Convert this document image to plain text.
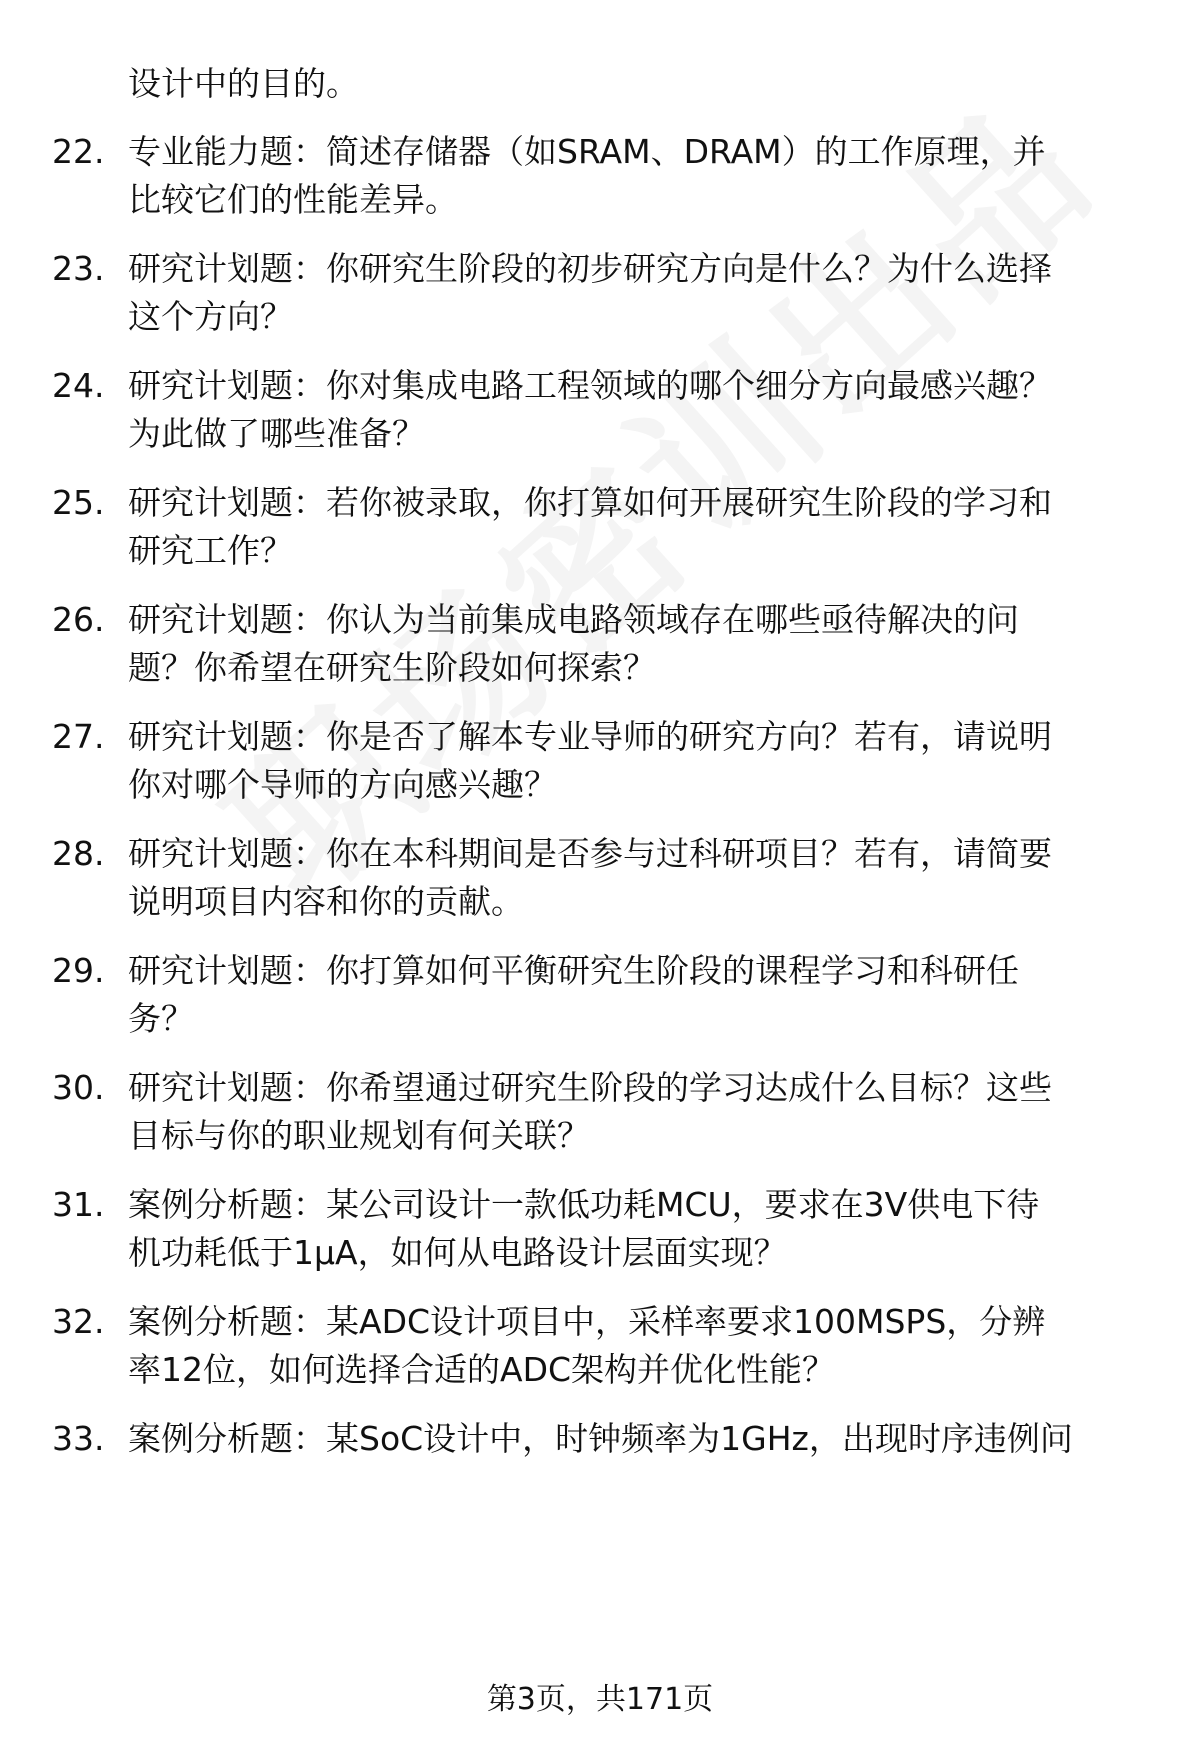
设计中的目的。
22. 专业能力题：简述存储器（如SRAM、DRAM）的工作原理，并
比较它们的性能差异。
23. 研究计划题：你研究生阶段的初步研究方向是什么？为什么选择
这个方向？
24. 研究计划题：你对集成电路工程领域的哪个细分方向最感兴趣？
为此做了哪些准备？
25. 研究计划题：若你被录取，你打算如何开展研究生阶段的学习和
研究工作？
26. 研究计划题：你认为当前集成电路领域存在哪些亟待解决的问
题？你希望在研究生阶段如何探索？
27. 研究计划题：你是否了解本专业导师的研究方向？若有，请说明
你对哪个导师的方向感兴趣？
28. 研究计划题：你在本科期间是否参与过科研项目？若有，请简要
说明项目内容和你的贡献。
29. 研究计划题：你打算如何平衡研究生阶段的课程学习和科研任
务？
30. 研究计划题：你希望通过研究生阶段的学习达成什么目标？这些
目标与你的职业规划有何关联？
31. 案例分析题：某公司设计一款低功耗MCU，要求在3V供电下待
机功耗低于1μA，如何从电路设计层面实现？
32. 案例分析题：某ADC设计项目中，采样率要求100MSPS，分辨
率12位，如何选择合适的ADC架构并优化性能？
33. 案例分析题：某SoC设计中，时钟频率为1GHz，出现时序违例问
第3页，共171页
